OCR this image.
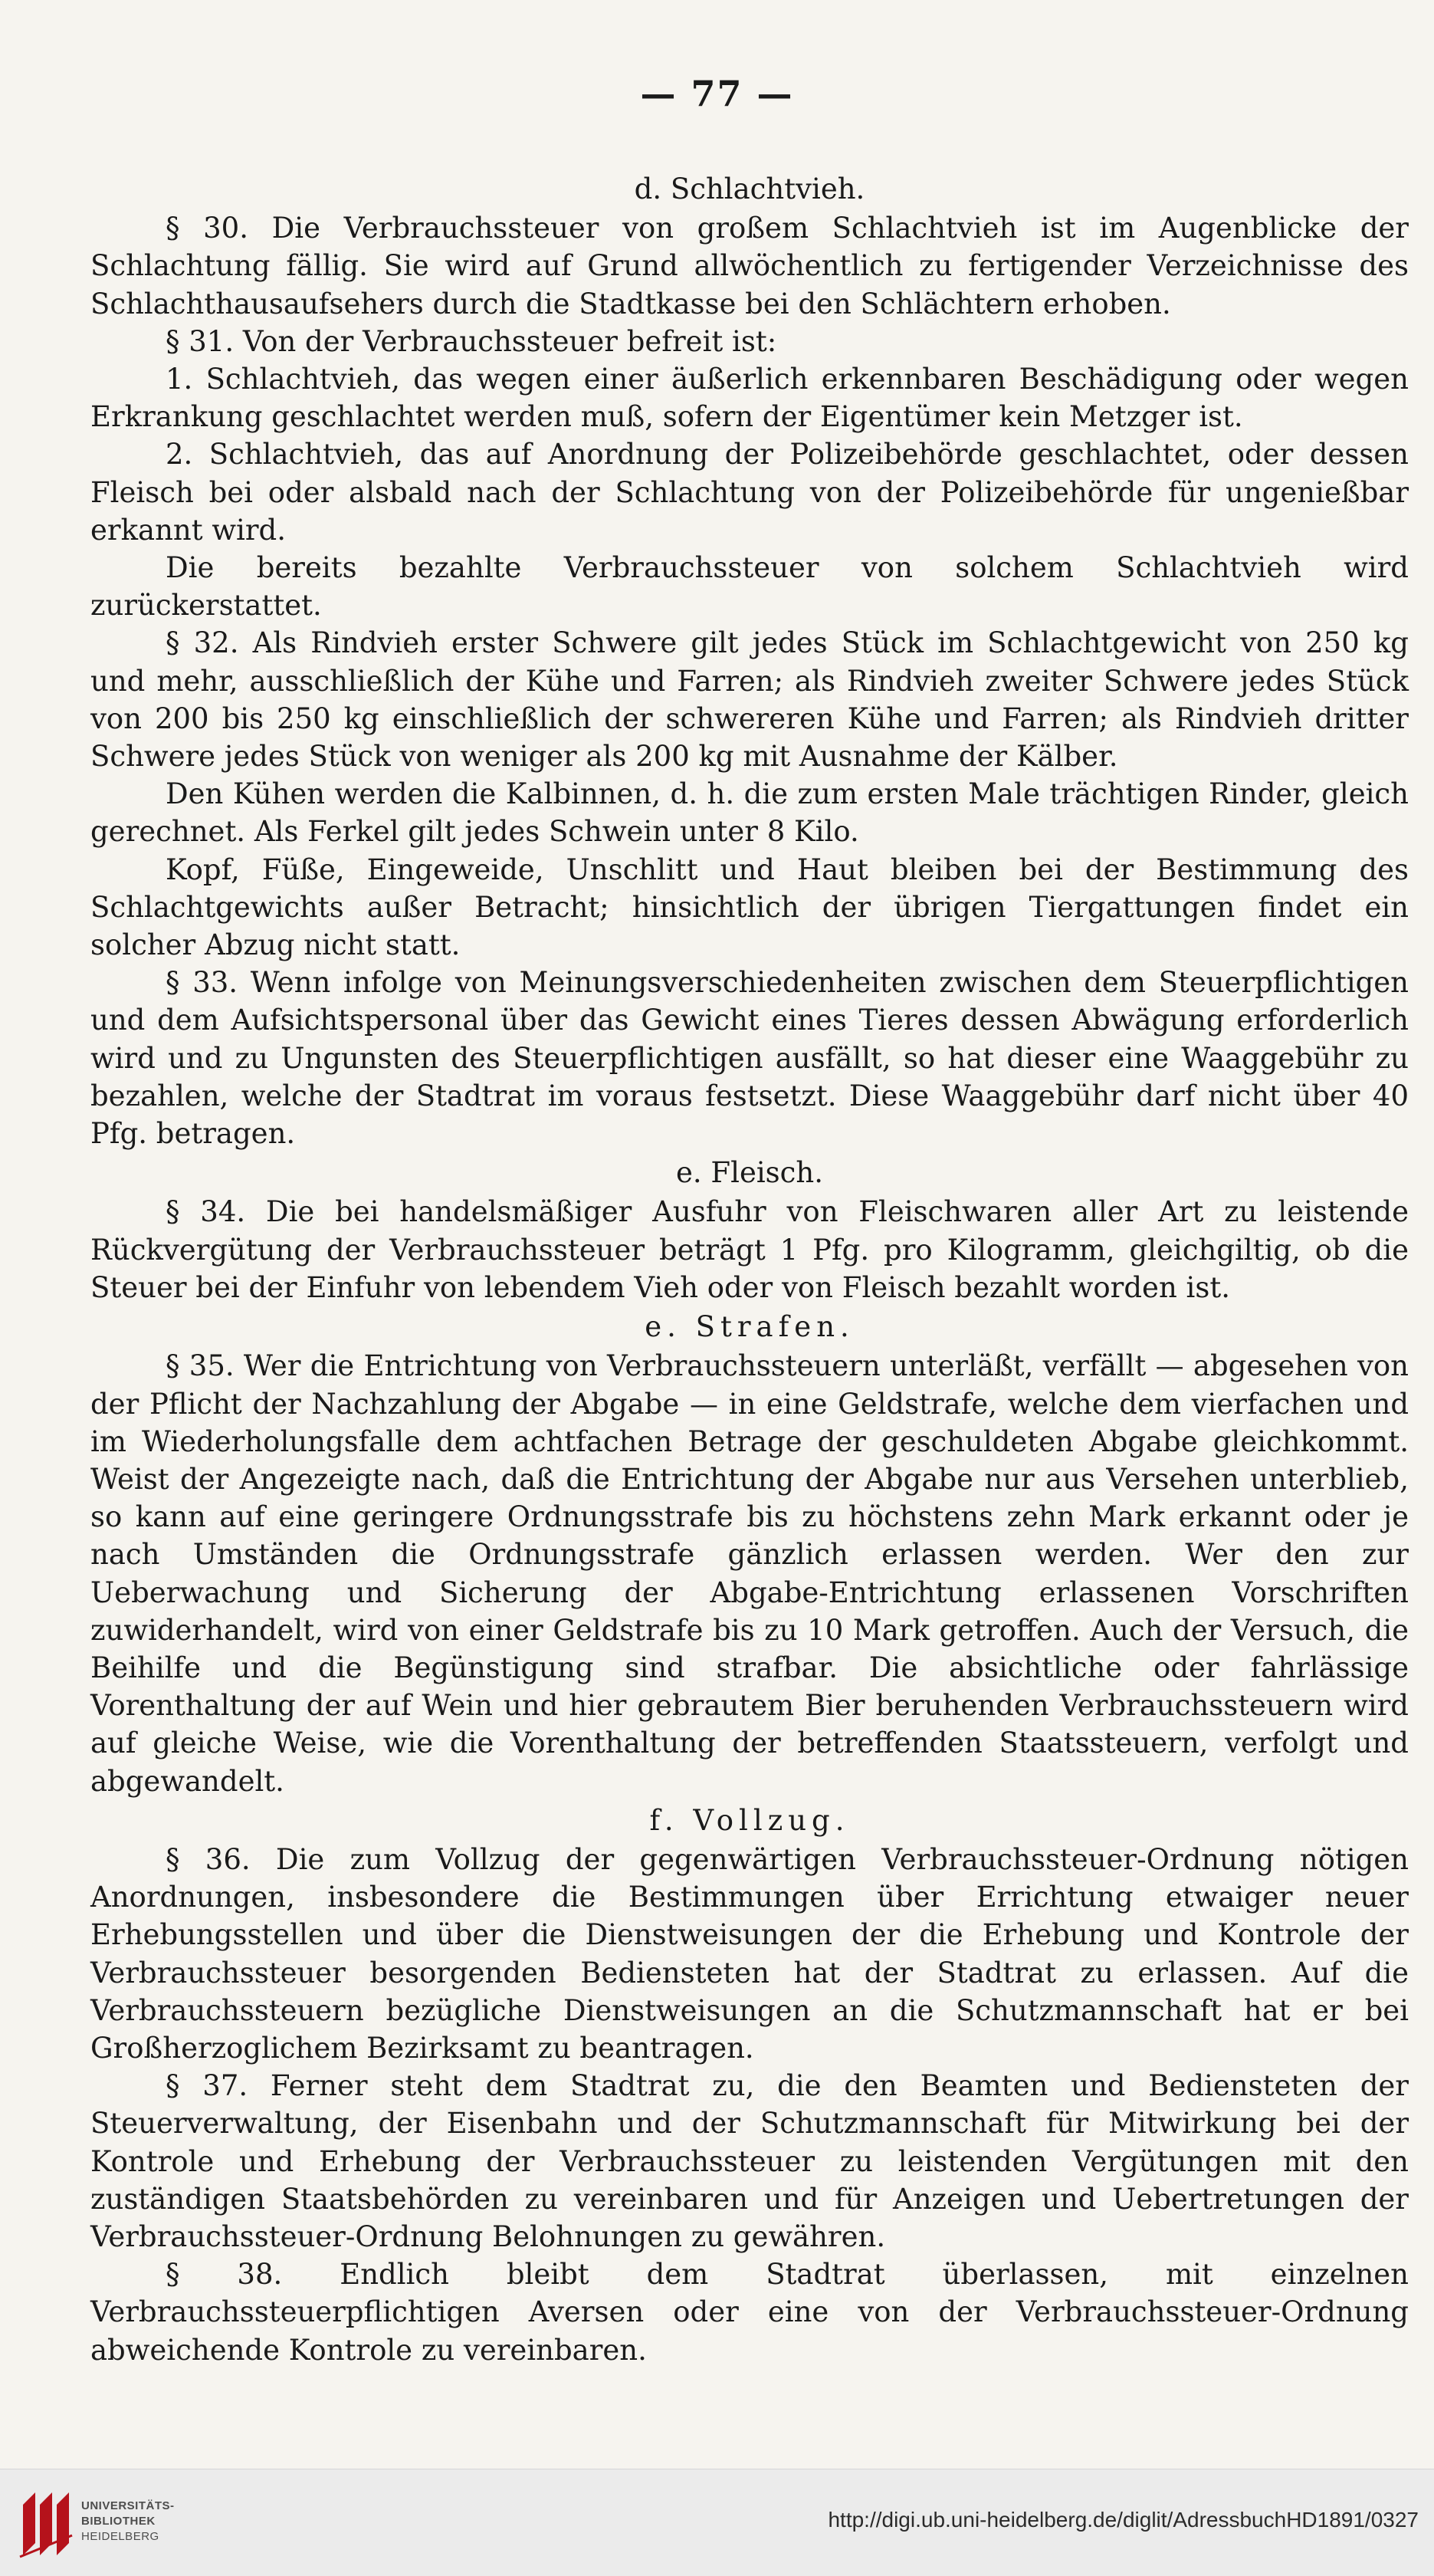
— 77 —

d. Schlachtvieh.

§ 30. Die Verbrauchssteuer von großem Schlachtvieh ist im Augenblicke der Schlachtung fällig. Sie wird auf Grund allwöchentlich zu fertigender Verzeichnisse des Schlachthausaufsehers durch die Stadtkasse bei den Schlächtern erhoben.

§ 31. Von der Verbrauchssteuer befreit ist:

1. Schlachtvieh, das wegen einer äußerlich erkennbaren Beschädigung oder wegen Erkrankung geschlachtet werden muß, sofern der Eigentümer kein Metzger ist.

2. Schlachtvieh, das auf Anordnung der Polizeibehörde geschlachtet, oder dessen Fleisch bei oder alsbald nach der Schlachtung von der Polizeibehörde für ungenießbar erkannt wird.

Die bereits bezahlte Verbrauchssteuer von solchem Schlachtvieh wird zurückerstattet.

§ 32. Als Rindvieh erster Schwere gilt jedes Stück im Schlachtgewicht von 250 kg und mehr, ausschließlich der Kühe und Farren; als Rindvieh zweiter Schwere jedes Stück von 200 bis 250 kg einschließlich der schwereren Kühe und Farren; als Rindvieh dritter Schwere jedes Stück von weniger als 200 kg mit Ausnahme der Kälber.

Den Kühen werden die Kalbinnen, d. h. die zum ersten Male trächtigen Rinder, gleich gerechnet. Als Ferkel gilt jedes Schwein unter 8 Kilo.

Kopf, Füße, Eingeweide, Unschlitt und Haut bleiben bei der Bestimmung des Schlachtgewichts außer Betracht; hinsichtlich der übrigen Tiergattungen findet ein solcher Abzug nicht statt.

§ 33. Wenn infolge von Meinungsverschiedenheiten zwischen dem Steuerpflichtigen und dem Aufsichtspersonal über das Gewicht eines Tieres dessen Abwägung erforderlich wird und zu Ungunsten des Steuerpflichtigen ausfällt, so hat dieser eine Waaggebühr zu bezahlen, welche der Stadtrat im voraus festsetzt. Diese Waaggebühr darf nicht über 40 Pfg. betragen.

e. Fleisch.

§ 34. Die bei handelsmäßiger Ausfuhr von Fleischwaren aller Art zu leistende Rückvergütung der Verbrauchssteuer beträgt 1 Pfg. pro Kilogramm, gleichgiltig, ob die Steuer bei der Einfuhr von lebendem Vieh oder von Fleisch bezahlt worden ist.

e. Strafen.

§ 35. Wer die Entrichtung von Verbrauchssteuern unterläßt, verfällt — abgesehen von der Pflicht der Nachzahlung der Abgabe — in eine Geldstrafe, welche dem vierfachen und im Wiederholungsfalle dem achtfachen Betrage der geschuldeten Abgabe gleichkommt. Weist der Angezeigte nach, daß die Entrichtung der Abgabe nur aus Versehen unterblieb, so kann auf eine geringere Ordnungsstrafe bis zu höchstens zehn Mark erkannt oder je nach Umständen die Ordnungsstrafe gänzlich erlassen werden. Wer den zur Ueberwachung und Sicherung der Abgabe-Entrichtung erlassenen Vorschriften zuwiderhandelt, wird von einer Geldstrafe bis zu 10 Mark getroffen. Auch der Versuch, die Beihilfe und die Begünstigung sind strafbar. Die absichtliche oder fahrlässige Vorenthaltung der auf Wein und hier gebrautem Bier beruhenden Verbrauchssteuern wird auf gleiche Weise, wie die Vorenthaltung der betreffenden Staatssteuern, verfolgt und abgewandelt.

f. Vollzug.

§ 36. Die zum Vollzug der gegenwärtigen Verbrauchssteuer-Ordnung nötigen Anordnungen, insbesondere die Bestimmungen über Errichtung etwaiger neuer Erhebungsstellen und über die Dienstweisungen der die Erhebung und Kontrole der Verbrauchssteuer besorgenden Bediensteten hat der Stadtrat zu erlassen. Auf die Verbrauchssteuern bezügliche Dienstweisungen an die Schutzmannschaft hat er bei Großherzoglichem Bezirksamt zu beantragen.

§ 37. Ferner steht dem Stadtrat zu, die den Beamten und Bediensteten der Steuerverwaltung, der Eisenbahn und der Schutzmannschaft für Mitwirkung bei der Kontrole und Erhebung der Verbrauchssteuer zu leistenden Vergütungen mit den zuständigen Staatsbehörden zu vereinbaren und für Anzeigen und Uebertretungen der Verbrauchssteuer-Ordnung Belohnungen zu gewähren.

§ 38. Endlich bleibt dem Stadtrat überlassen, mit einzelnen Verbrauchssteuerpflichtigen Aversen oder eine von der Verbrauchssteuer-Ordnung abweichende Kontrole zu vereinbaren.

UNIVERSITÄTS-
BIBLIOTHEK
HEIDELBERG
http://digi.ub.uni-heidelberg.de/diglit/AdressbuchHD1891/0327
